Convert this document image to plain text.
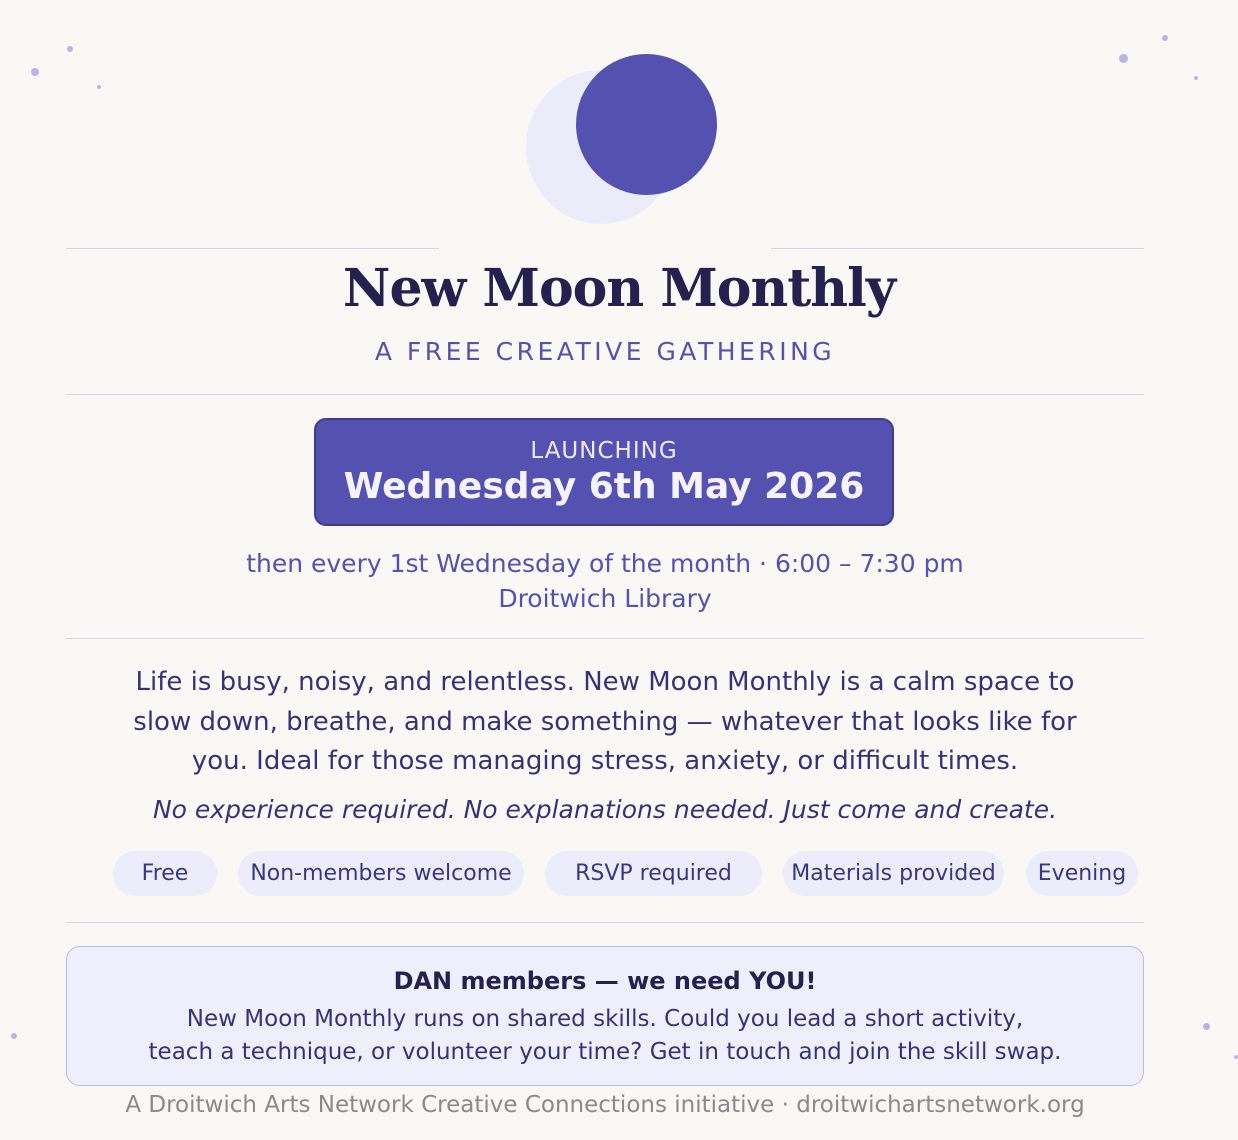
New Moon Monthly
A FREE CREATIVE GATHERING
LAUNCHING
Wednesday 6th May 2026
then every 1st Wednesday of the month · 6:00 – 7:30 pm
Droitwich Library
Life is busy, noisy, and relentless. New Moon Monthly is a calm space to slow down, breathe, and make something — whatever that looks like for you. Ideal for those managing stress, anxiety, or difficult times.
No experience required. No explanations needed. Just come and create.
Free	Non-members welcome	RSVP required	Materials provided	Evening
DAN members — we need YOU!
New Moon Monthly runs on shared skills. Could you lead a short activity,
teach a technique, or volunteer your time? Get in touch and join the skill swap.
A Droitwich Arts Network Creative Connections initiative · droitwichartsnetwork.org
